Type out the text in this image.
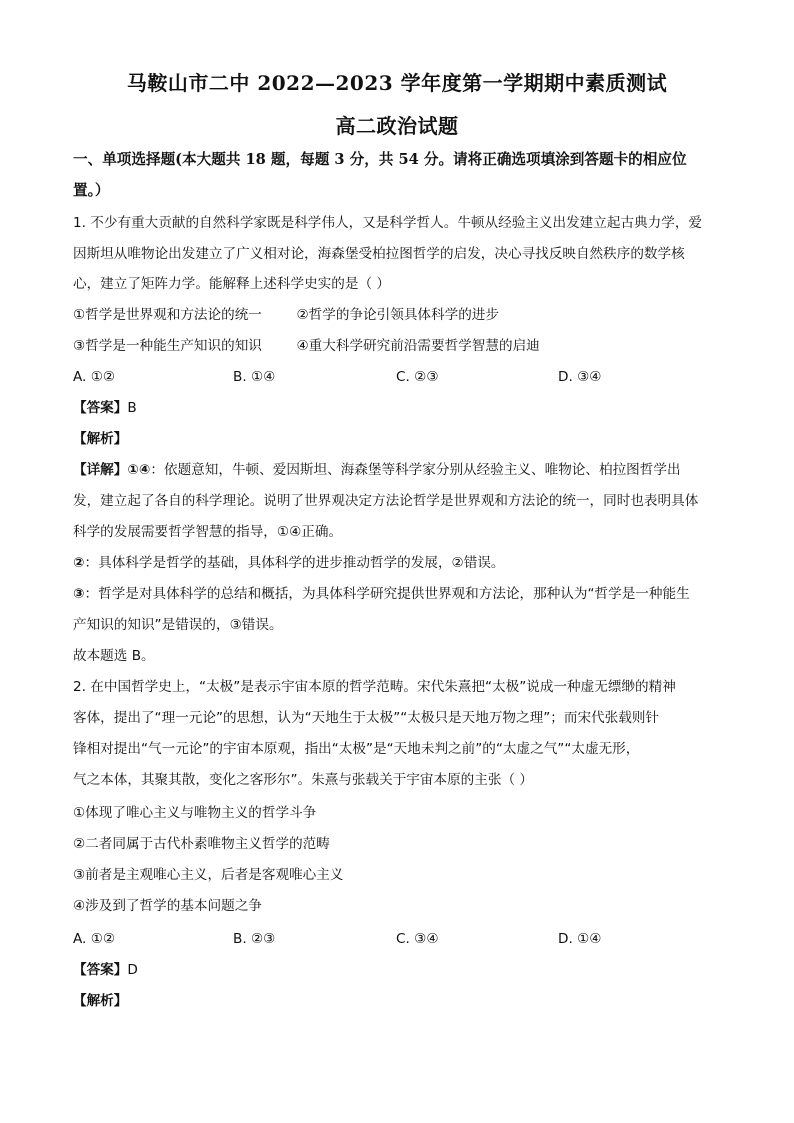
马鞍山市二中 2022—2023 学年度第一学期期中素质测试
高二政治试题
一、单项选择题(本大题共 18 题，每题 3 分，共 54 分。请将正确选项填涂到答题卡的相应位
置。）
1. 不少有重大贡献的自然科学家既是科学伟人，又是科学哲人。牛顿从经验主义出发建立起古典力学，爱
因斯坦从唯物论出发建立了广义相对论，海森堡受柏拉图哲学的启发，决心寻找反映自然秩序的数学核
心，建立了矩阵力学。能解释上述科学史实的是（ ）
①哲学是世界观和方法论的统一        ②哲学的争论引领具体科学的进步
③哲学是一种能生产知识的知识        ④重大科学研究前沿需要哲学智慧的启迪
A. ①②	B. ①④	C. ②③	D. ③④
【答案】B
【解析】
【详解】①④：依题意知，牛顿、爱因斯坦、海森堡等科学家分别从经验主义、唯物论、柏拉图哲学出
发，建立起了各自的科学理论。说明了世界观决定方法论哲学是世界观和方法论的统一，同时也表明具体
科学的发展需要哲学智慧的指导，①④正确。
②：具体科学是哲学的基础，具体科学的进步推动哲学的发展，②错误。
③：哲学是对具体科学的总结和概括，为具体科学研究提供世界观和方法论，那种认为“哲学是一种能生
产知识的知识”是错误的，③错误。
故本题选 B。
2. 在中国哲学史上，“太极”是表示宇宙本原的哲学范畴。宋代朱熹把“太极”说成一种虚无缥缈的精神
客体，提出了“理一元论”的思想，认为“天地生于太极”“太极只是天地万物之理”；而宋代张载则针
锋相对提出“气一元论”的宇宙本原观，指出“太极”是“天地未判之前”的“太虚之气”“太虚无形，
气之本体，其聚其散，变化之客形尔”。朱熹与张载关于宇宙本原的主张（ ）
①体现了唯心主义与唯物主义的哲学斗争
②二者同属于古代朴素唯物主义哲学的范畴
③前者是主观唯心主义，后者是客观唯心主义
④涉及到了哲学的基本问题之争
A. ①②	B. ②③	C. ③④	D. ①④
【答案】D
【解析】
